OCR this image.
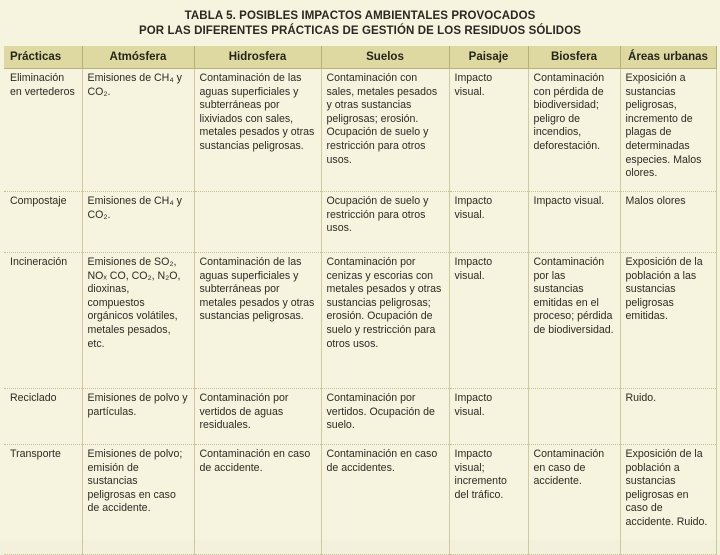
TABLA 5. POSIBLES IMPACTOS AMBIENTALES PROVOCADOS
POR LAS DIFERENTES PRÁCTICAS DE GESTIÓN DE LOS RESIDUOS SÓLIDOS
Prácticas	Atmósfera	Hidrosfera	Suelos	Paisaje	Biosfera	Áreas urbanas
Eliminación en vertederos	Emisiones de CH₄ y CO₂.	Contaminación de las aguas superficiales y subterráneas por lixiviados con sales, metales pesados y otras sustancias peligrosas.	Contaminación con sales, metales pesados y otras sustancias peligrosas; erosión. Ocupación de suelo y restricción para otros usos.	Impacto visual.	Contaminación con pérdida de biodiversidad; peligro de incendios, deforestación.	Exposición a sustancias peligrosas, incremento de plagas de determinadas especies. Malos olores.
Compostaje	Emisiones de CH₄ y CO₂.		Ocupación de suelo y restricción para otros usos.	Impacto visual.	Impacto visual.	Malos olores
Incineración	Emisiones de SO₂, NOₓ CO, CO₂, N₂O, dioxinas, compuestos orgánicos volátiles, metales pesados, etc.	Contaminación de las aguas superficiales y subterráneas por metales pesados y otras sustancias peligrosas.	Contaminación por cenizas y escorias con metales pesados y otras sustancias peligrosas; erosión. Ocupación de suelo y restricción para otros usos.	Impacto visual.	Contaminación por las sustancias emitidas en el proceso; pérdida de biodiversidad.	Exposición de la población a las sustancias peligrosas emitidas.
Reciclado	Emisiones de polvo y partículas.	Contaminación por vertidos de aguas residuales.	Contaminación por vertidos. Ocupación de suelo.	Impacto visual.		Ruido.
Transporte	Emisiones de polvo; emisión de sustancias peligrosas en caso de accidente.	Contaminación en caso de accidente.	Contaminación en caso de accidentes.	Impacto visual; incremento del tráfico.	Contaminación en caso de accidente.	Exposición de la población a sustancias peligrosas en caso de accidente. Ruido.
